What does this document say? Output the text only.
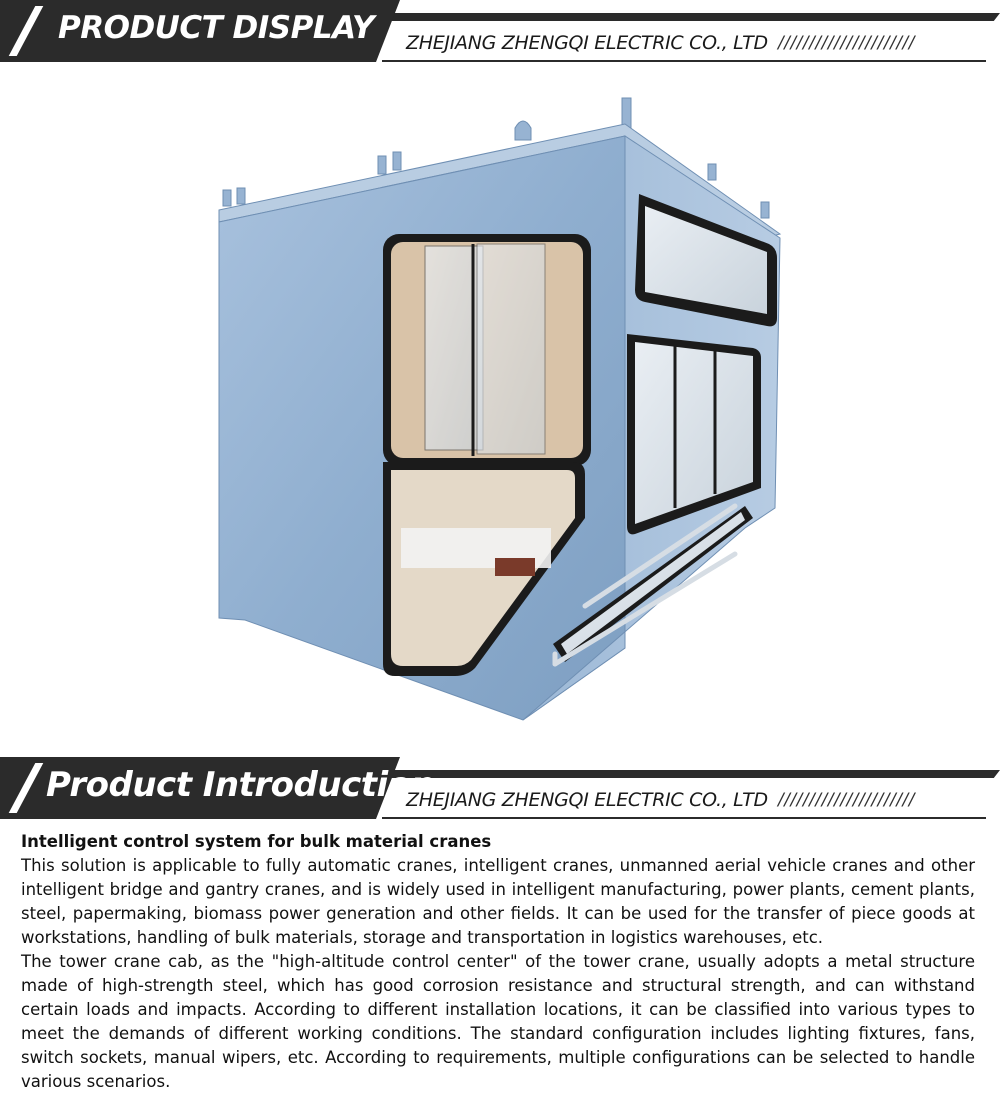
PRODUCT DISPLAY ZHEJIANG ZHENGQI ELECTRIC CO., LTD //////////////////////
Product Introduction
ZHEJIANG ZHENGQI ELECTRIC CO., LTD //////////////////////
Intelligent control system for bulk material cranes

This solution is applicable to fully automatic cranes, intelligent cranes, unmanned aerial vehicle cranes and other intelligent bridge and gantry cranes, and is widely used in intelligent manufacturing, power plants, cement plants, steel, papermaking, biomass power generation and other fields. It can be used for the transfer of piece goods at workstations, handling of bulk materials, storage and transportation in logistics warehouses, etc.

The tower crane cab, as the "high-altitude control center" of the tower crane, usually adopts a metal structure made of high-strength steel, which has good corrosion resistance and structural strength, and can withstand certain loads and impacts. According to different installation locations, it can be classified into various types to meet the demands of different working conditions. The standard configuration includes lighting fixtures, fans, switch sockets, manual wipers, etc. According to requirements, multiple configurations can be selected to handle various scenarios.
